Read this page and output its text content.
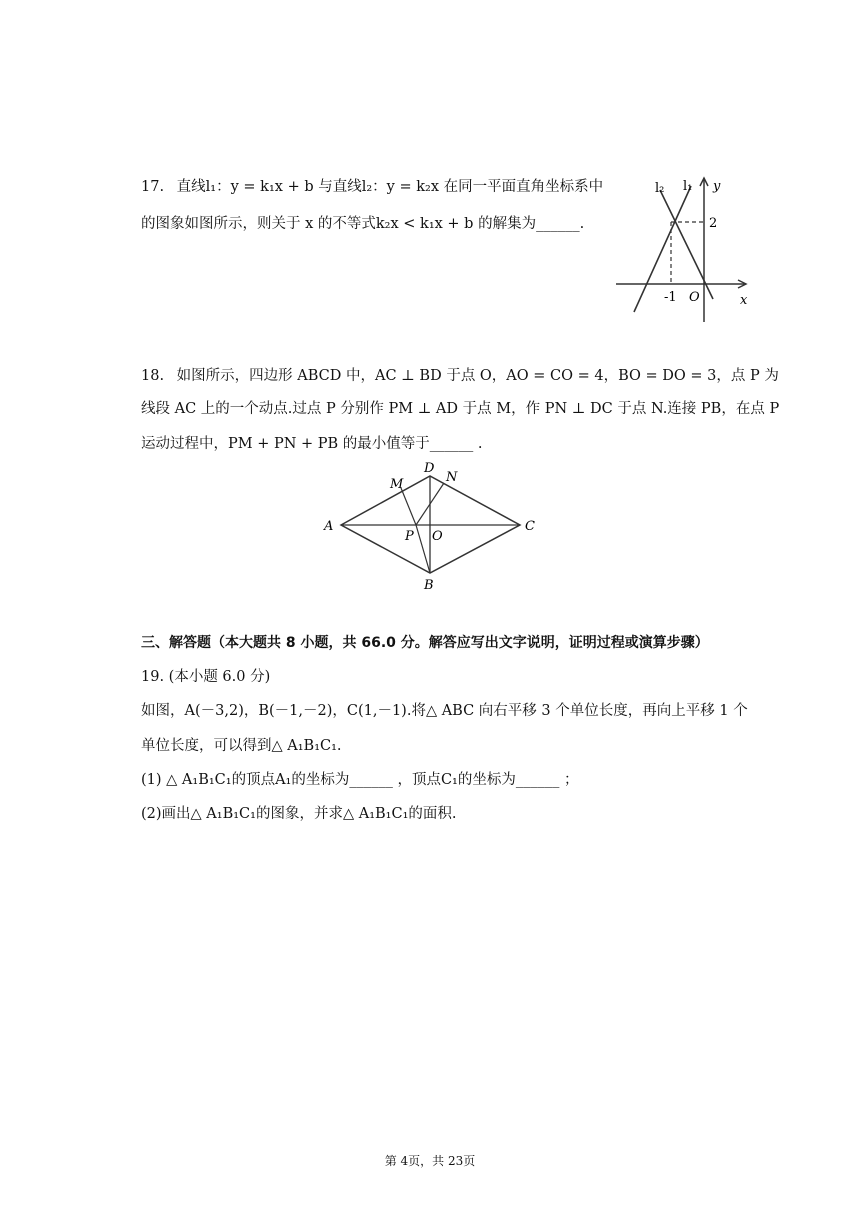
17. 直线l₁：y = k₁x + b 与直线l₂：y = k₂x 在同一平面直角坐标系中
的图象如图所示，则关于 x 的不等式k₂x < k₁x + b 的解集为______.
l₂ l₁ y
2
-1 O	x
18. 如图所示，四边形 ABCD 中，AC ⊥ BD 于点 O，AO = CO = 4，BO = DO = 3，点 P 为
线段 AC 上的一个动点.过点 P 分别作 PM ⊥ AD 于点 M，作 PN ⊥ DC 于点 N.连接 PB，在点 P
运动过程中，PM + PN + PB 的最小值等于______ .
A	C
D
B
M	N
P O
三、解答题（本大题共 8 小题，共 66.0 分。解答应写出文字说明，证明过程或演算步骤）
19. (本小题 6.0 分)
如图，A(－3,2)，B(－1,－2)，C(1,－1).将△ ABC 向右平移 3 个单位长度，再向上平移 1 个
单位长度，可以得到△ A₁B₁C₁.
(1) △ A₁B₁C₁的顶点A₁的坐标为______ ，顶点C₁的坐标为______ ；
(2)画出△ A₁B₁C₁的图象，并求△ A₁B₁C₁的面积.
第 4页，共 23页
